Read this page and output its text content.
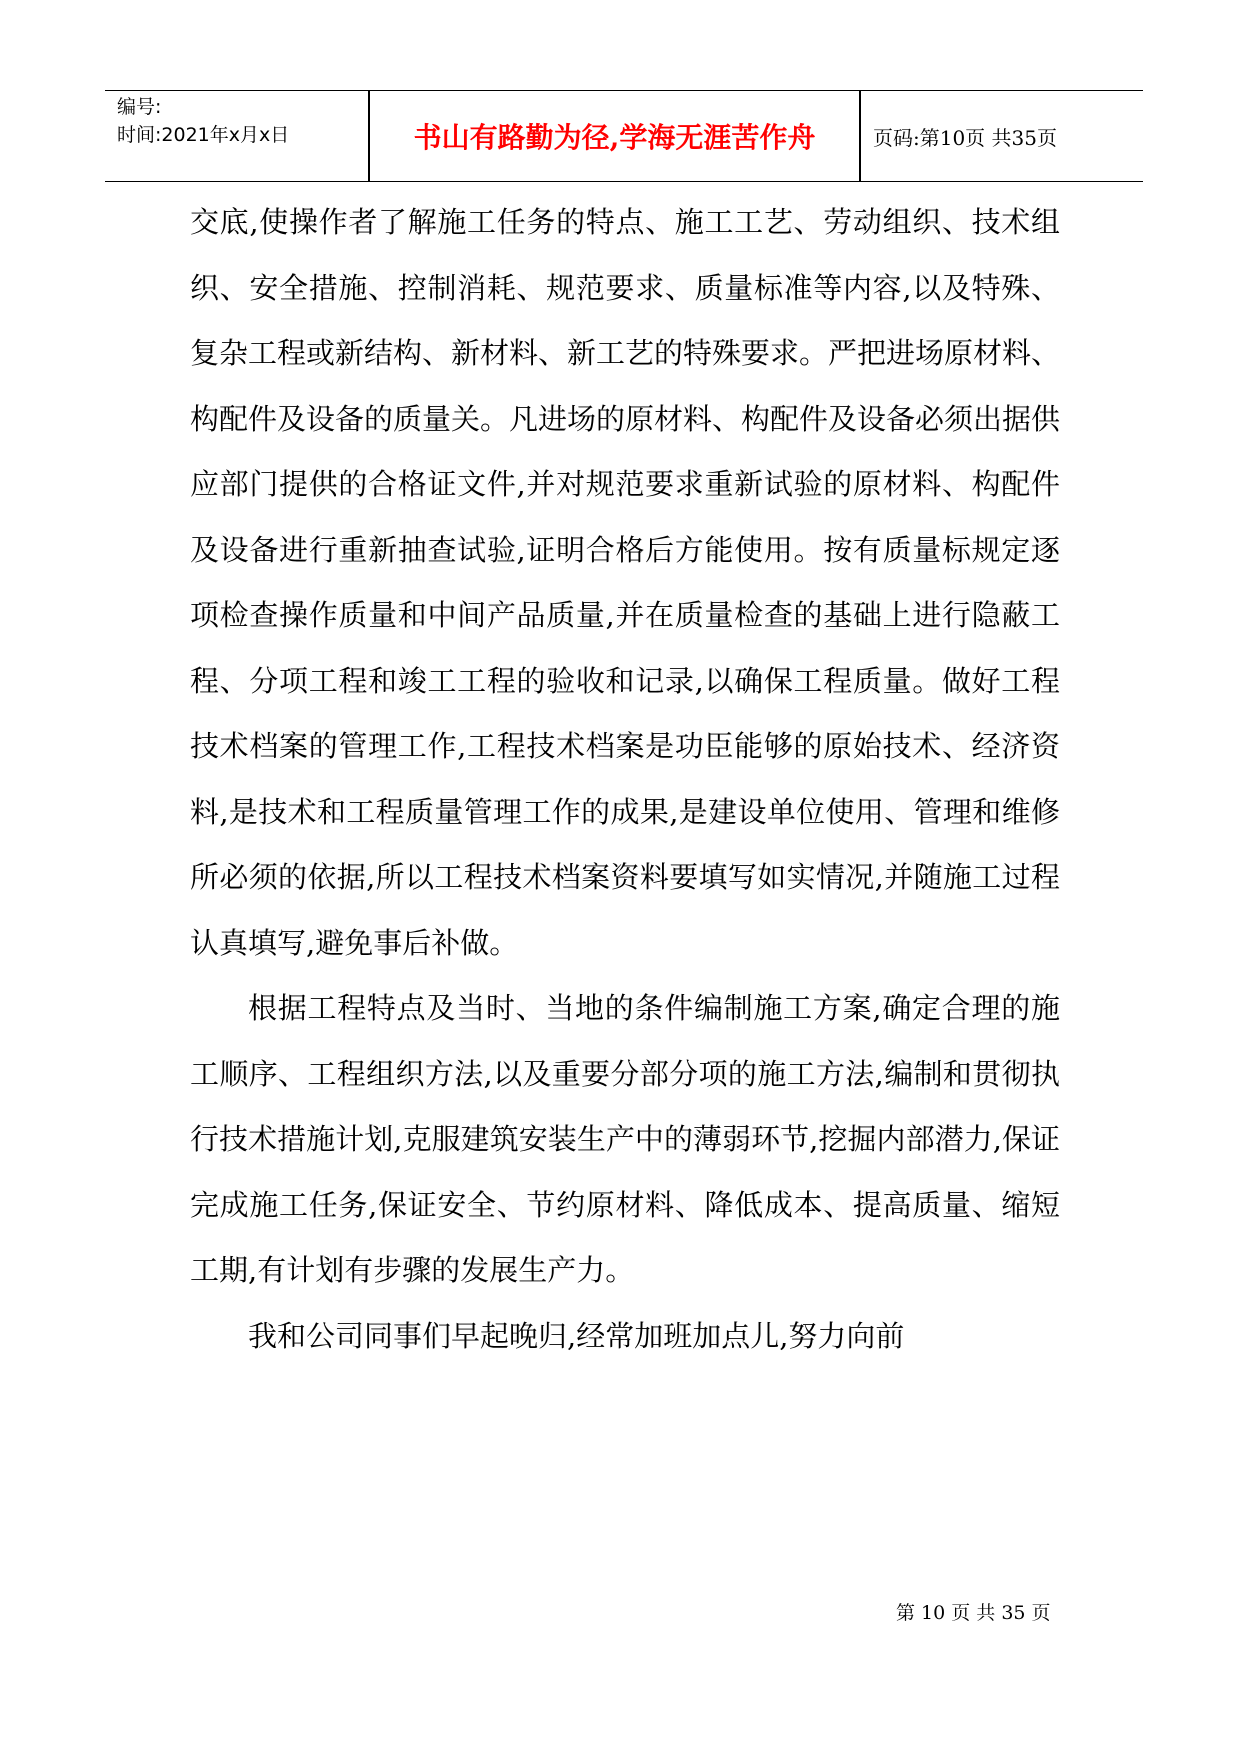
编号:
时间:2021年x月x日	书山有路勤为径,学海无涯苦作舟	页码:第10页 共35页

交底,使操作者了解施工任务的特点、施工工艺、劳动组织、技术组织、安全措施、控制消耗、规范要求、质量标准等内容,以及特殊、复杂工程或新结构、新材料、新工艺的特殊要求。严把进场原材料、构配件及设备的质量关。凡进场的原材料、构配件及设备必须出据供应部门提供的合格证文件,并对规范要求重新试验的原材料、构配件及设备进行重新抽查试验,证明合格后方能使用。按有质量标规定逐项检查操作质量和中间产品质量,并在质量检查的基础上进行隐蔽工程、分项工程和竣工工程的验收和记录,以确保工程质量。做好工程技术档案的管理工作,工程技术档案是功臣能够的原始技术、经济资料,是技术和工程质量管理工作的成果,是建设单位使用、管理和维修所必须的依据,所以工程技术档案资料要填写如实情况,并随施工过程认真填写,避免事后补做。

根据工程特点及当时、当地的条件编制施工方案,确定合理的施工顺序、工程组织方法,以及重要分部分项的施工方法,编制和贯彻执行技术措施计划,克服建筑安装生产中的薄弱环节,挖掘内部潜力,保证完成施工任务,保证安全、节约原材料、降低成本、提高质量、缩短工期,有计划有步骤的发展生产力。

我和公司同事们早起晚归,经常加班加点儿,努力向前

第 10 页 共 35 页
